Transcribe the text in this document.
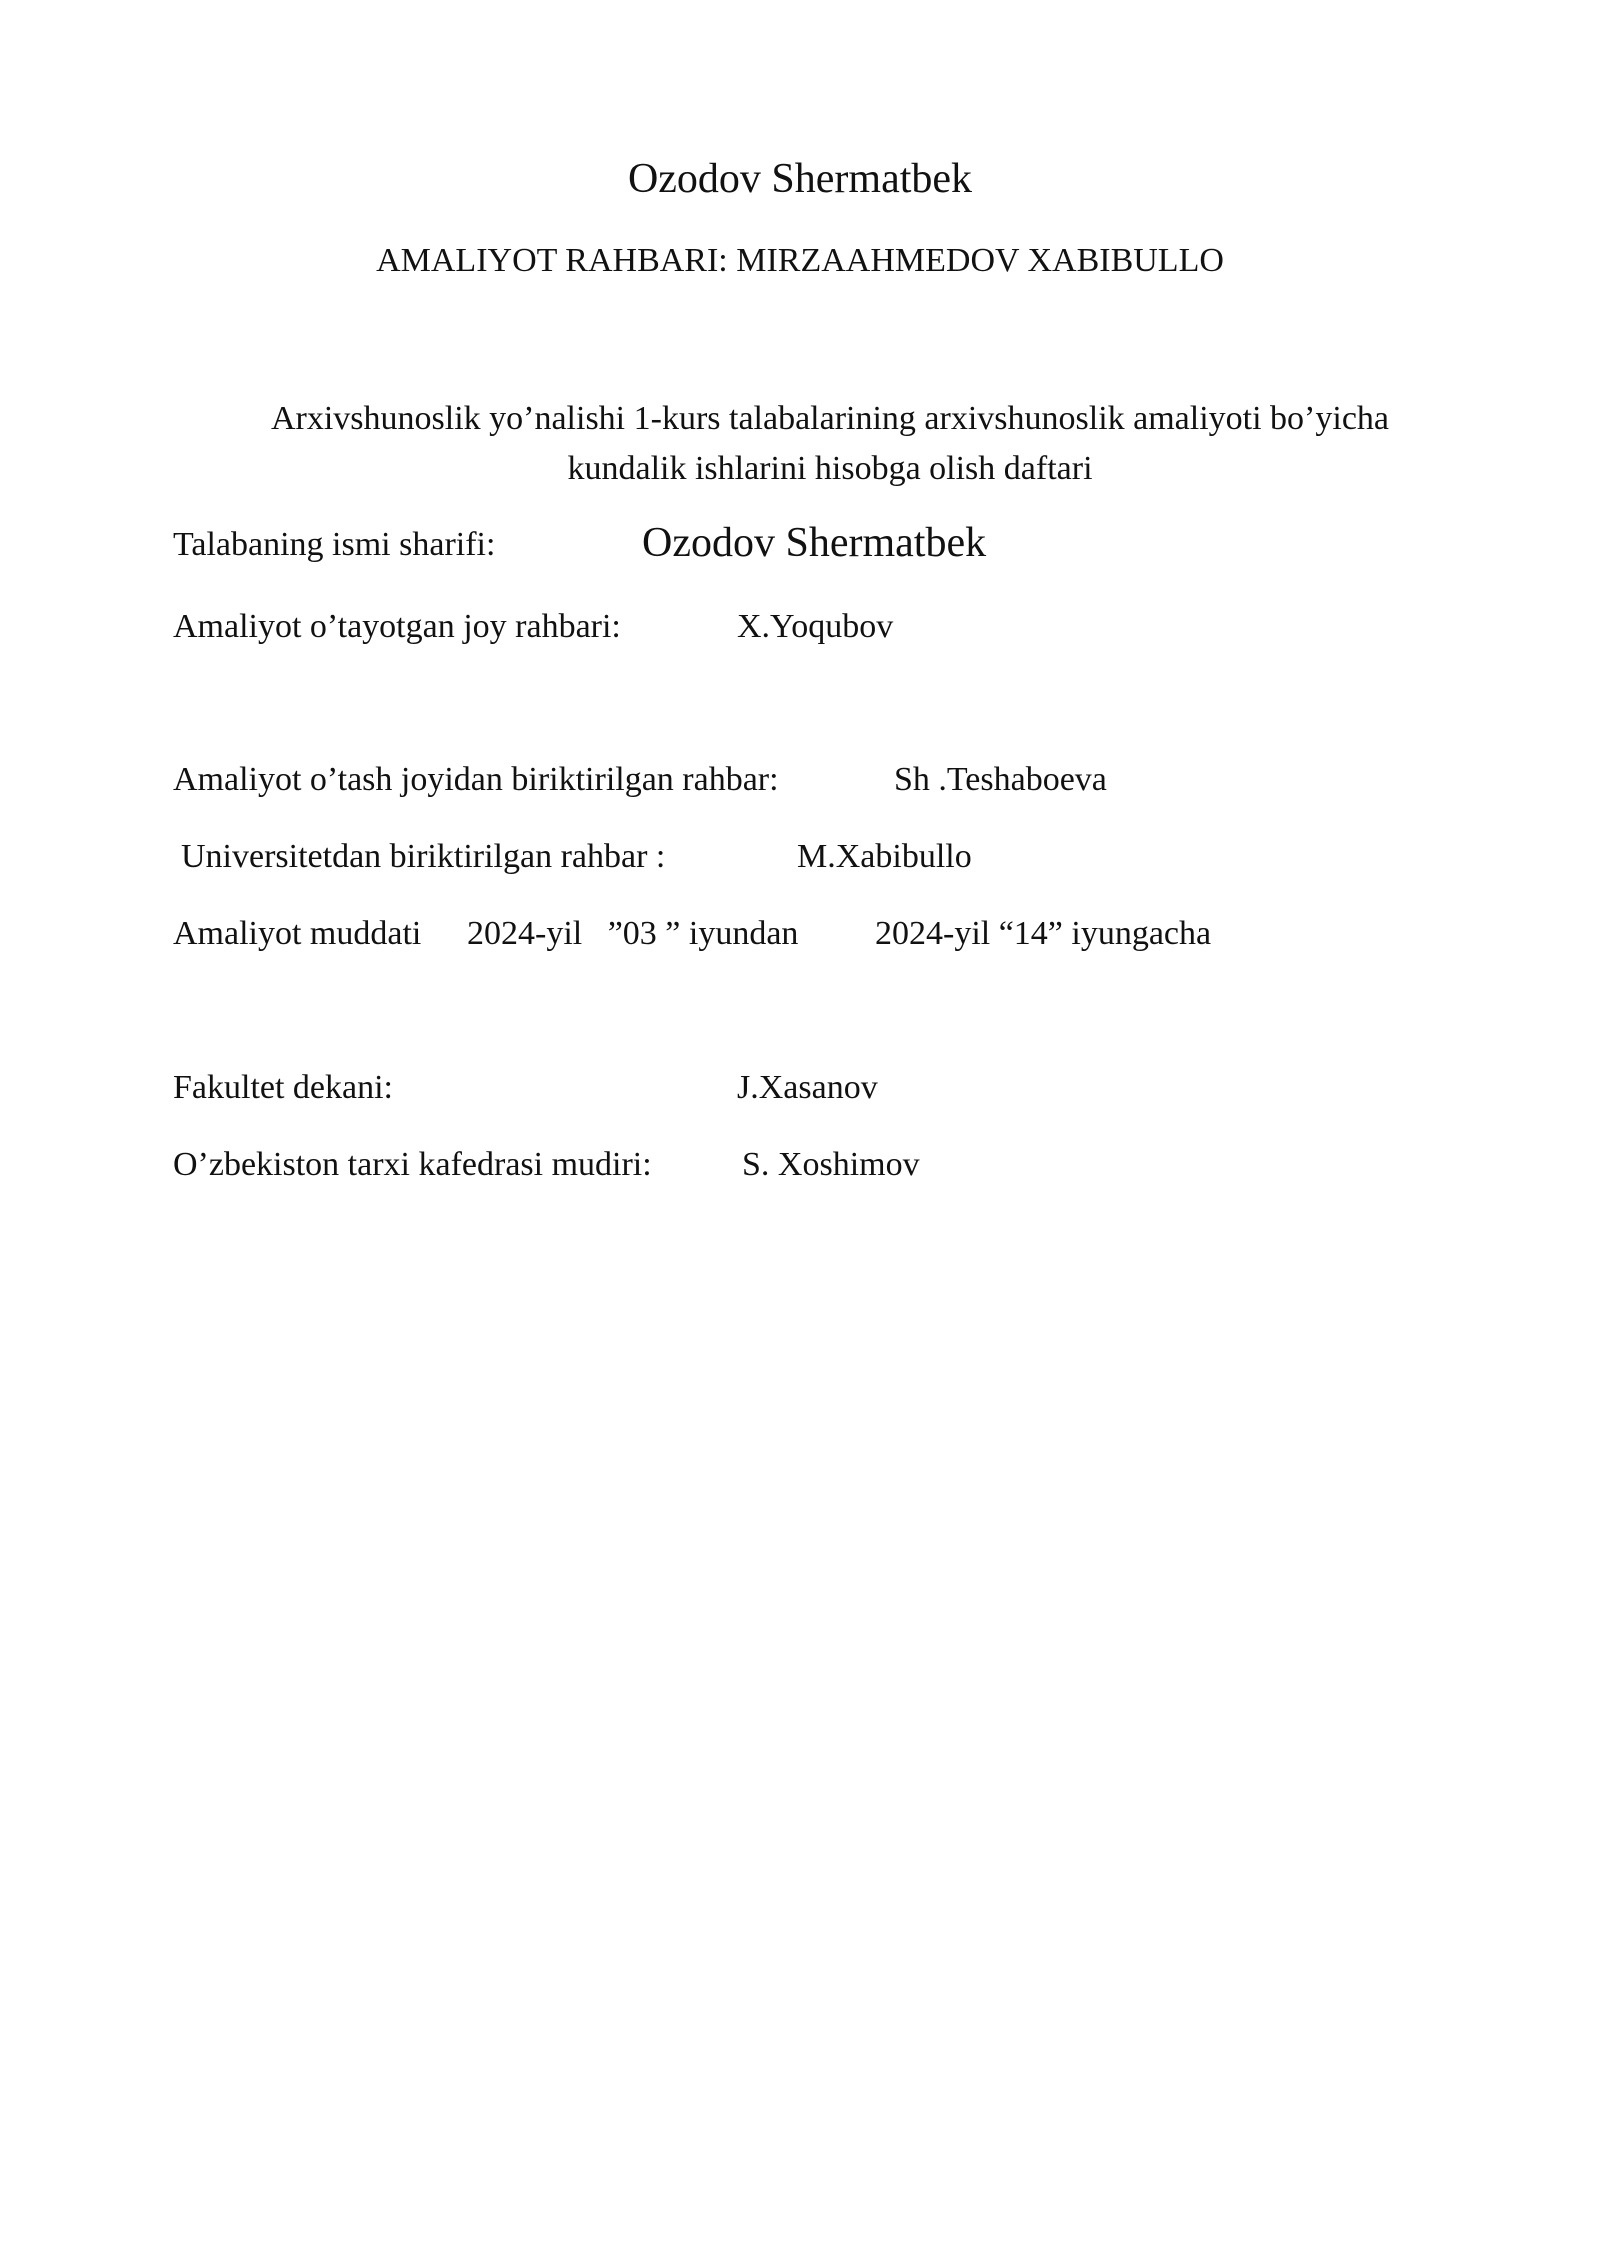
Ozodov Shermatbek
AMALIYOT RAHBARI: MIRZAAHMEDOV XABIBULLO
Arxivshunoslik yo’nalishi 1-kurs talabalarining arxivshunoslik amaliyoti bo’yicha
kundalik ishlarini hisobga olish daftari
Talabaning ismi sharifi:	Ozodov Shermatbek
Amaliyot o’tayotgan joy rahbari:	X.Yoqubov
Amaliyot o’tash joyidan biriktirilgan rahbar:	Sh .Teshaboeva
Universitetdan biriktirilgan rahbar :	M.Xabibullo
Amaliyot muddati 2024-yil   ”03 ” iyundan 2024-yil “14” iyungacha
Fakultet dekani:	J.Xasanov
O’zbekiston tarxi kafedrasi mudiri:	S. Xoshimov
